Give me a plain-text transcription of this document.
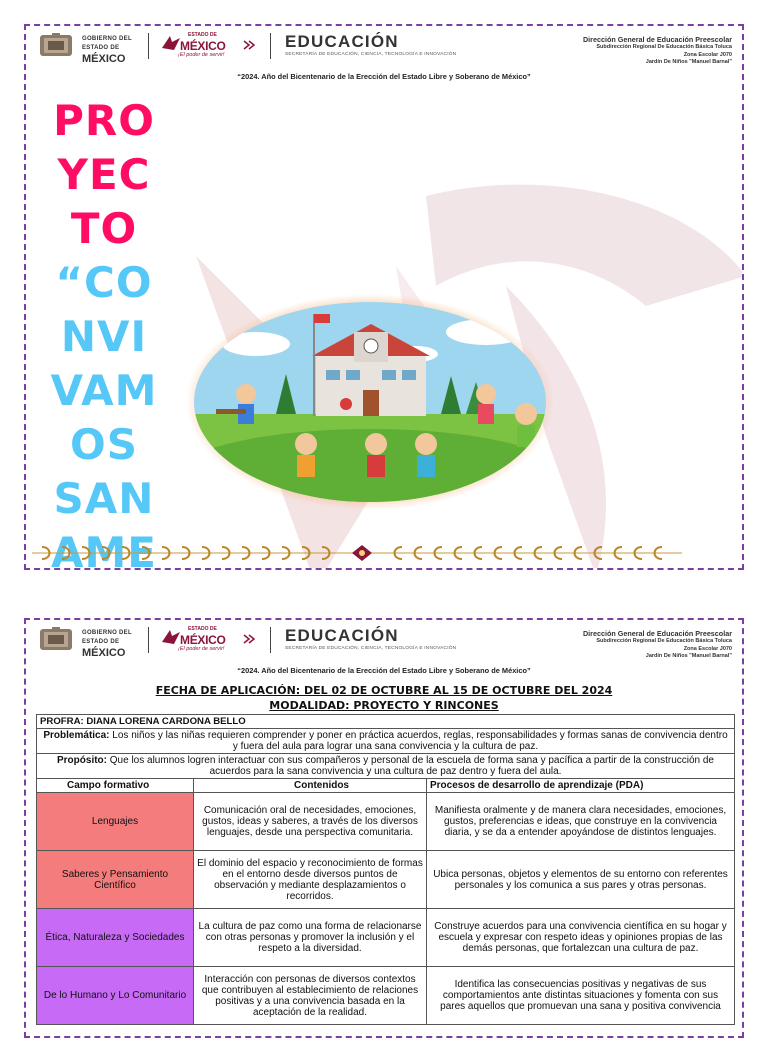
GOBIERNO DEL
ESTADO DE
MÉXICO
ESTADO DE
MÉXICO
¡El poder de servir!
EDUCACIÓN
SECRETARÍA DE EDUCACIÓN, CIENCIA, TECNOLOGÍA E INNOVACIÓN
Dirección General de Educación Preescolar
Subdirección Regional De Educación Básica Toluca
Zona Escolar J070
Jardín De Niños "Manuel Barnal"
“2024. Año del Bicentenario de la Erección del Estado Libre y Soberano de México”
PRO
YEC
TO
“CO
NVI
VAM
OS
SAN
AME
GOBIERNO DEL
ESTADO DE
MÉXICO
ESTADO DE
MÉXICO
¡El poder de servir!
EDUCACIÓN
SECRETARÍA DE EDUCACIÓN, CIENCIA, TECNOLOGÍA E INNOVACIÓN
Dirección General de Educación Preescolar
Subdirección Regional De Educación Básica Toluca
Zona Escolar J070
Jardín De Niños "Manuel Barnal"
“2024. Año del Bicentenario de la Erección del Estado Libre y Soberano de México”
FECHA DE APLICACIÓN: DEL 02 DE OCTUBRE AL 15 DE OCTUBRE DEL 2024
MODALIDAD: PROYECTO Y RINCONES
PROFRA: DIANA LORENA CARDONA BELLO		
Problemática: Los niños y las niñas requieren comprender y poner en práctica acuerdos, reglas, responsabilidades y formas sanas de convivencia dentro y fuera del aula para lograr una sana convivencia y la cultura de paz.		
Propósito: Que los alumnos logren interactuar con sus compañeros y personal de la escuela de forma sana y pacífica a partir de la construcción de acuerdos para la sana convivencia y una cultura de paz dentro y fuera del aula.		
Campo formativo	Contenidos	Procesos de desarrollo de aprendizaje (PDA)
Lenguajes	Comunicación oral de necesidades, emociones, gustos, ideas y saberes, a través de los diversos lenguajes, desde una perspectiva comunitaria.	Manifiesta oralmente y de manera clara necesidades, emociones, gustos, preferencias e ideas, que construye en la convivencia diaria, y se da a entender apoyándose de distintos lenguajes.
Saberes y Pensamiento Científico	El dominio del espacio y reconocimiento de formas en el entorno desde diversos puntos de observación y mediante desplazamientos o recorridos.	Ubica personas, objetos y elementos de su entorno con referentes personales y los comunica a sus pares y otras personas.
Ética, Naturaleza y Sociedades	La cultura de paz como una forma de relacionarse con otras personas y promover la inclusión y el respeto a la diversidad.	Construye acuerdos para una convivencia científica en su hogar y escuela y expresar con respeto ideas y opiniones propias de las demás personas, que fortalezcan una cultura de paz.
De lo Humano y Lo Comunitario	Interacción con personas de diversos contextos que contribuyen al establecimiento de relaciones positivas y a una convivencia basada en la aceptación de la realidad.	Identifica las consecuencias positivas y negativas de sus comportamientos ante distintas situaciones y fomenta con sus pares aquellos que promuevan una sana y positiva convivencia
